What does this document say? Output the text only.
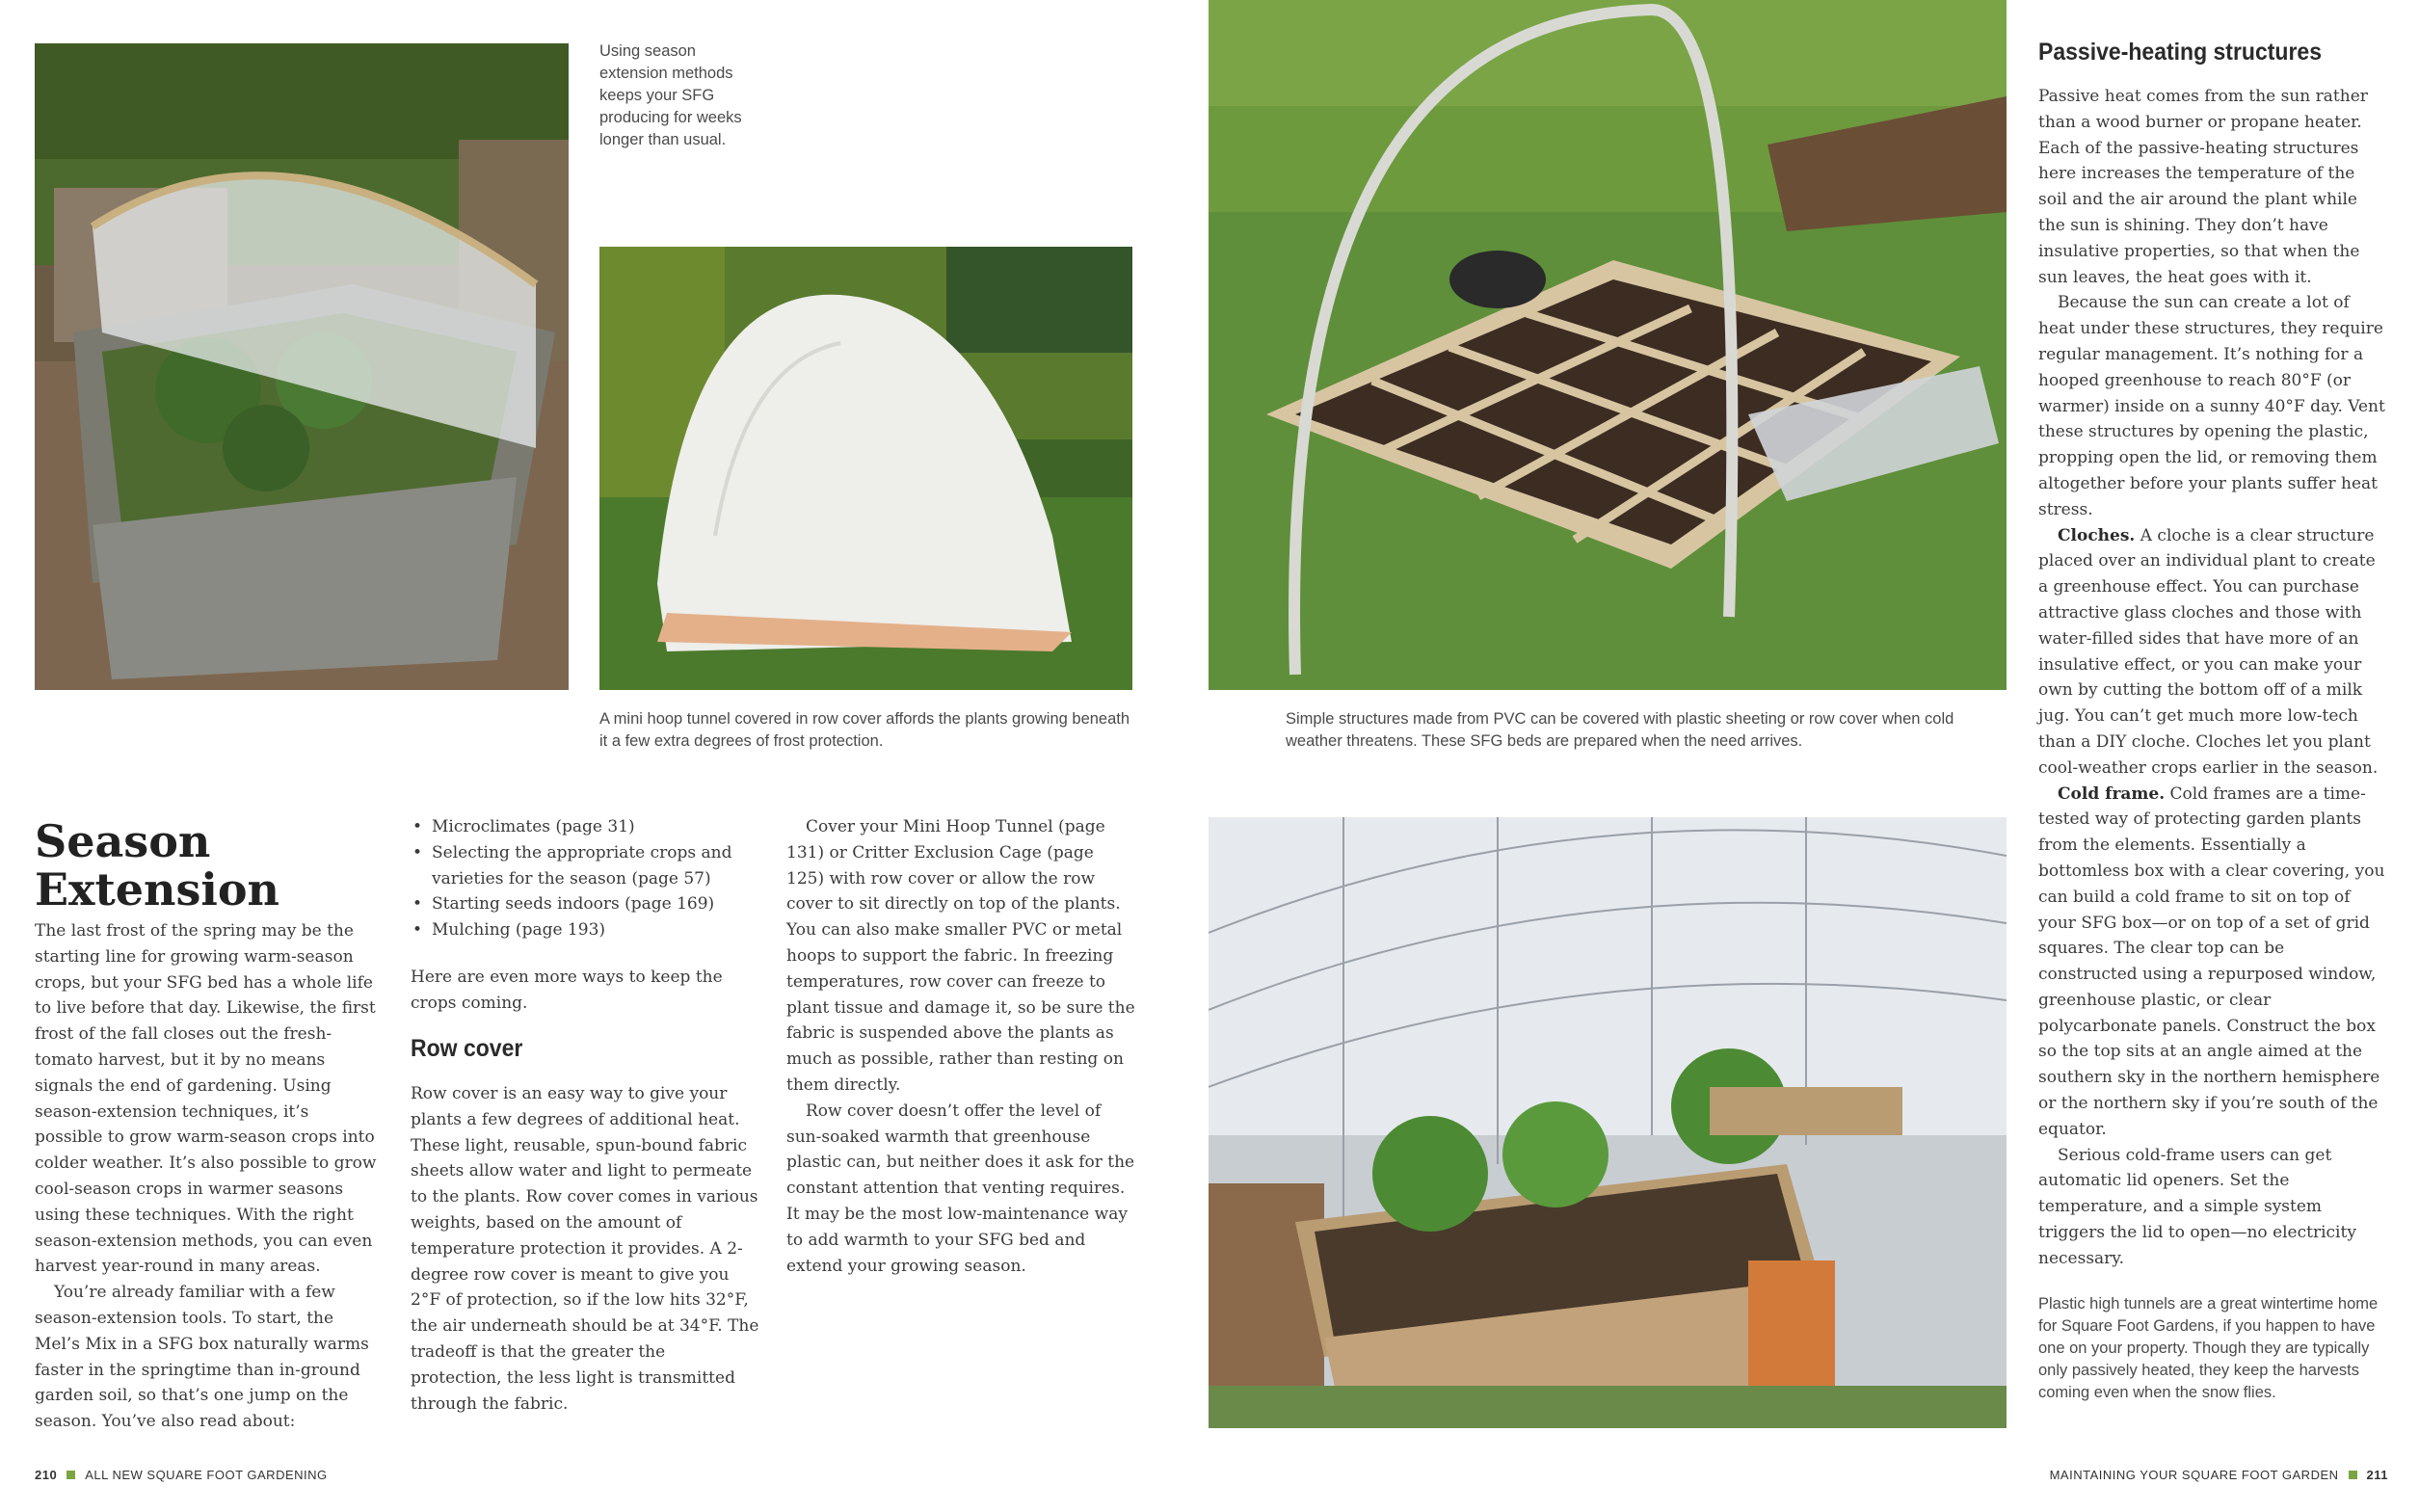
Using season extension methods keeps your SFG producing for weeks longer than usual.
A mini hoop tunnel covered in row cover affords the plants growing beneath it a few extra degrees of frost protection.
Simple structures made from PVC can be covered with plastic sheeting or row cover when cold weather threatens. These SFG beds are prepared when the need arrives.
Plastic high tunnels are a great wintertime home for Square Foot Gardens, if you happen to have one on your property. Though they are typically only passively heated, they keep the harvests coming even when the snow flies.
Season Extension

The last frost of the spring may be the starting line for growing warm-season crops, but your SFG bed has a whole life to live before that day. Likewise, the first frost of the fall closes out the fresh-tomato harvest, but it by no means signals the end of gardening. Using season-extension techniques, it’s possible to grow warm-season crops into colder weather. It’s also possible to grow cool-season crops in warmer seasons using these techniques. With the right season-extension methods, you can even harvest year-round in many areas.

You’re already familiar with a few season-extension tools. To start, the Mel’s Mix in a SFG box naturally warms faster in the springtime than in-ground garden soil, so that’s one jump on the season. You’ve also read about:

• Microclimates (page 31)
• Selecting the appropriate crops and varieties for the season (page 57)
• Starting seeds indoors (page 169)
• Mulching (page 193)

Here are even more ways to keep the crops coming.

Row cover

Row cover is an easy way to give your plants a few degrees of additional heat. These light, reusable, spun-bound fabric sheets allow water and light to permeate to the plants. Row cover comes in various weights, based on the amount of temperature protection it provides. A 2-degree row cover is meant to give you 2°F of protection, so if the low hits 32°F, the air underneath should be at 34°F. The tradeoff is that the greater the protection, the less light is transmitted through the fabric.

Cover your Mini Hoop Tunnel (page 131) or Critter Exclusion Cage (page 125) with row cover or allow the row cover to sit directly on top of the plants. You can also make smaller PVC or metal hoops to support the fabric. In freezing temperatures, row cover can freeze to plant tissue and damage it, so be sure the fabric is suspended above the plants as much as possible, rather than resting on them directly.

Row cover doesn’t offer the level of sun-soaked warmth that greenhouse plastic can, but neither does it ask for the constant attention that venting requires. It may be the most low-maintenance way to add warmth to your SFG bed and extend your growing season.

Passive-heating structures

Passive heat comes from the sun rather than a wood burner or propane heater. Each of the passive-heating structures here increases the temperature of the soil and the air around the plant while the sun is shining. They don’t have insulative properties, so that when the sun leaves, the heat goes with it.

Because the sun can create a lot of heat under these structures, they require regular management. It’s nothing for a hooped greenhouse to reach 80°F (or warmer) inside on a sunny 40°F day. Vent these structures by opening the plastic, propping open the lid, or removing them altogether before your plants suffer heat stress.

Cloches. A cloche is a clear structure placed over an individual plant to create a greenhouse effect. You can purchase attractive glass cloches and those with water-filled sides that have more of an insulative effect, or you can make your own by cutting the bottom off of a milk jug. You can’t get much more low-tech than a DIY cloche. Cloches let you plant cool-weather crops earlier in the season.

Cold frame. Cold frames are a time-tested way of protecting garden plants from the elements. Essentially a bottomless box with a clear covering, you can build a cold frame to sit on top of your SFG box—or on top of a set of grid squares. The clear top can be constructed using a repurposed window, greenhouse plastic, or clear polycarbonate panels. Construct the box so the top sits at an angle aimed at the southern sky in the northern hemisphere or the northern sky if you’re south of the equator.

Serious cold-frame users can get automatic lid openers. Set the temperature, and a simple system triggers the lid to open—no electricity necessary.

210 ALL NEW SQUARE FOOT GARDENING	MAINTAINING YOUR SQUARE FOOT GARDEN 211
